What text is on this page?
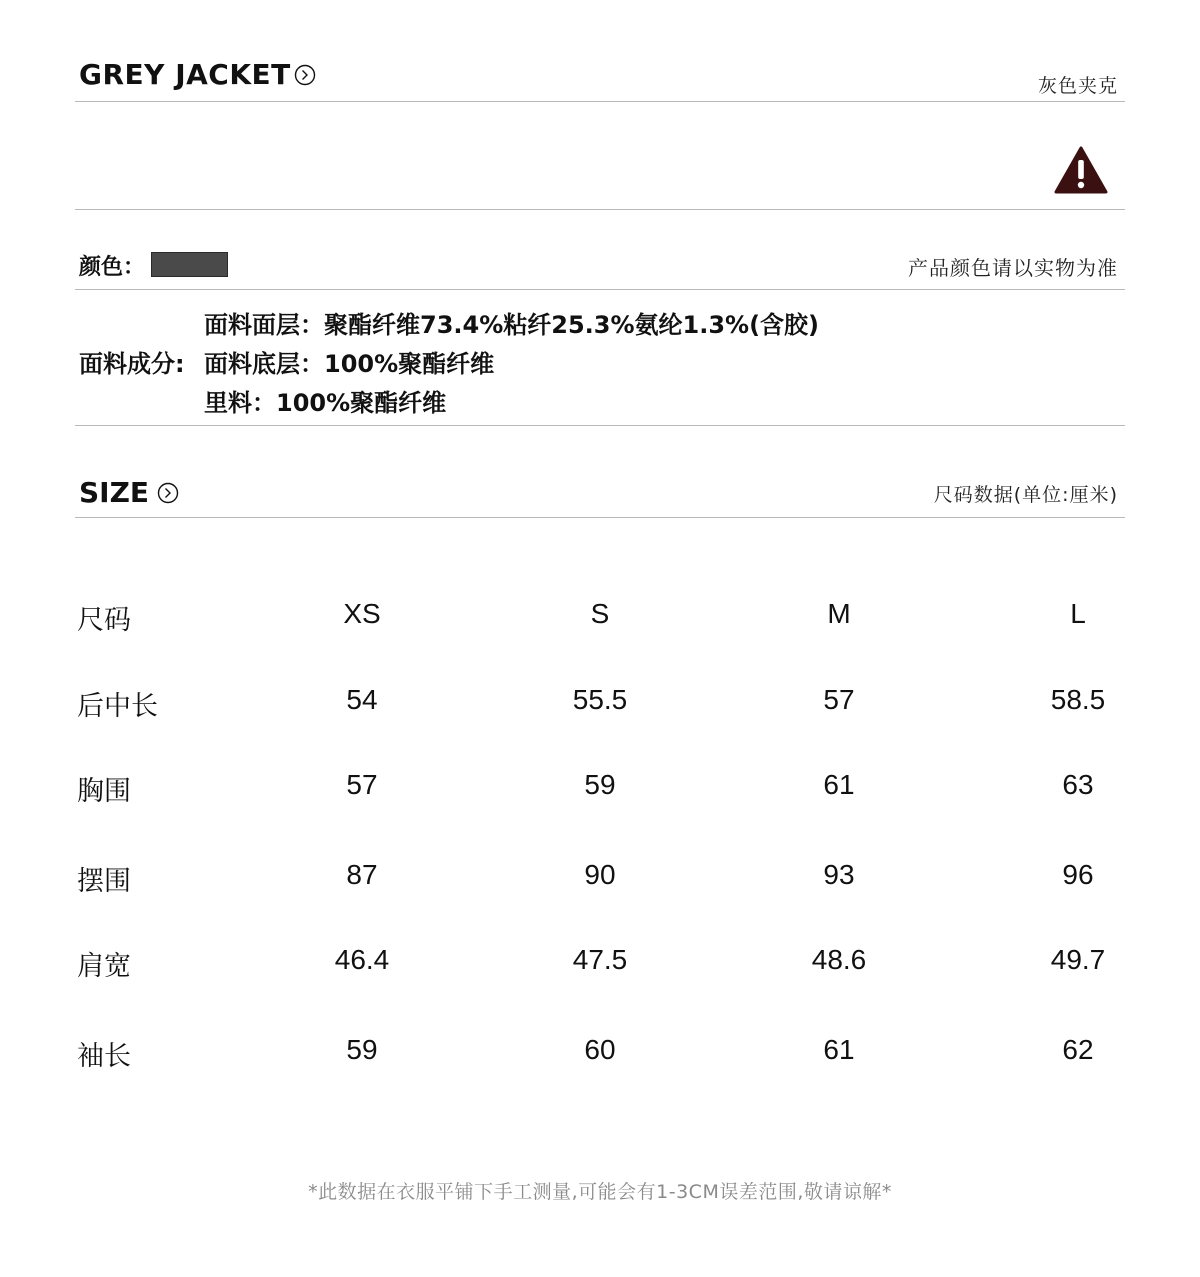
GREY JACKET	灰色夹克
颜色：	产品颜色请以实物为准
面料成分:
面料面层：聚酯纤维73.4%粘纤25.3%氨纶1.3%(含胶)
面料底层：100%聚酯纤维
里料：100%聚酯纤维
SIZE	尺码数据(单位:厘米)
尺码	XS	S	M	L
后中长	54	55.5	57	58.5
胸围	57	59	61	63
摆围	87	90	93	96
肩宽	46.4	47.5	48.6	49.7
袖长	59	60	61	62
*此数据在衣服平铺下手工测量,可能会有1-3CM误差范围,敬请谅解*
